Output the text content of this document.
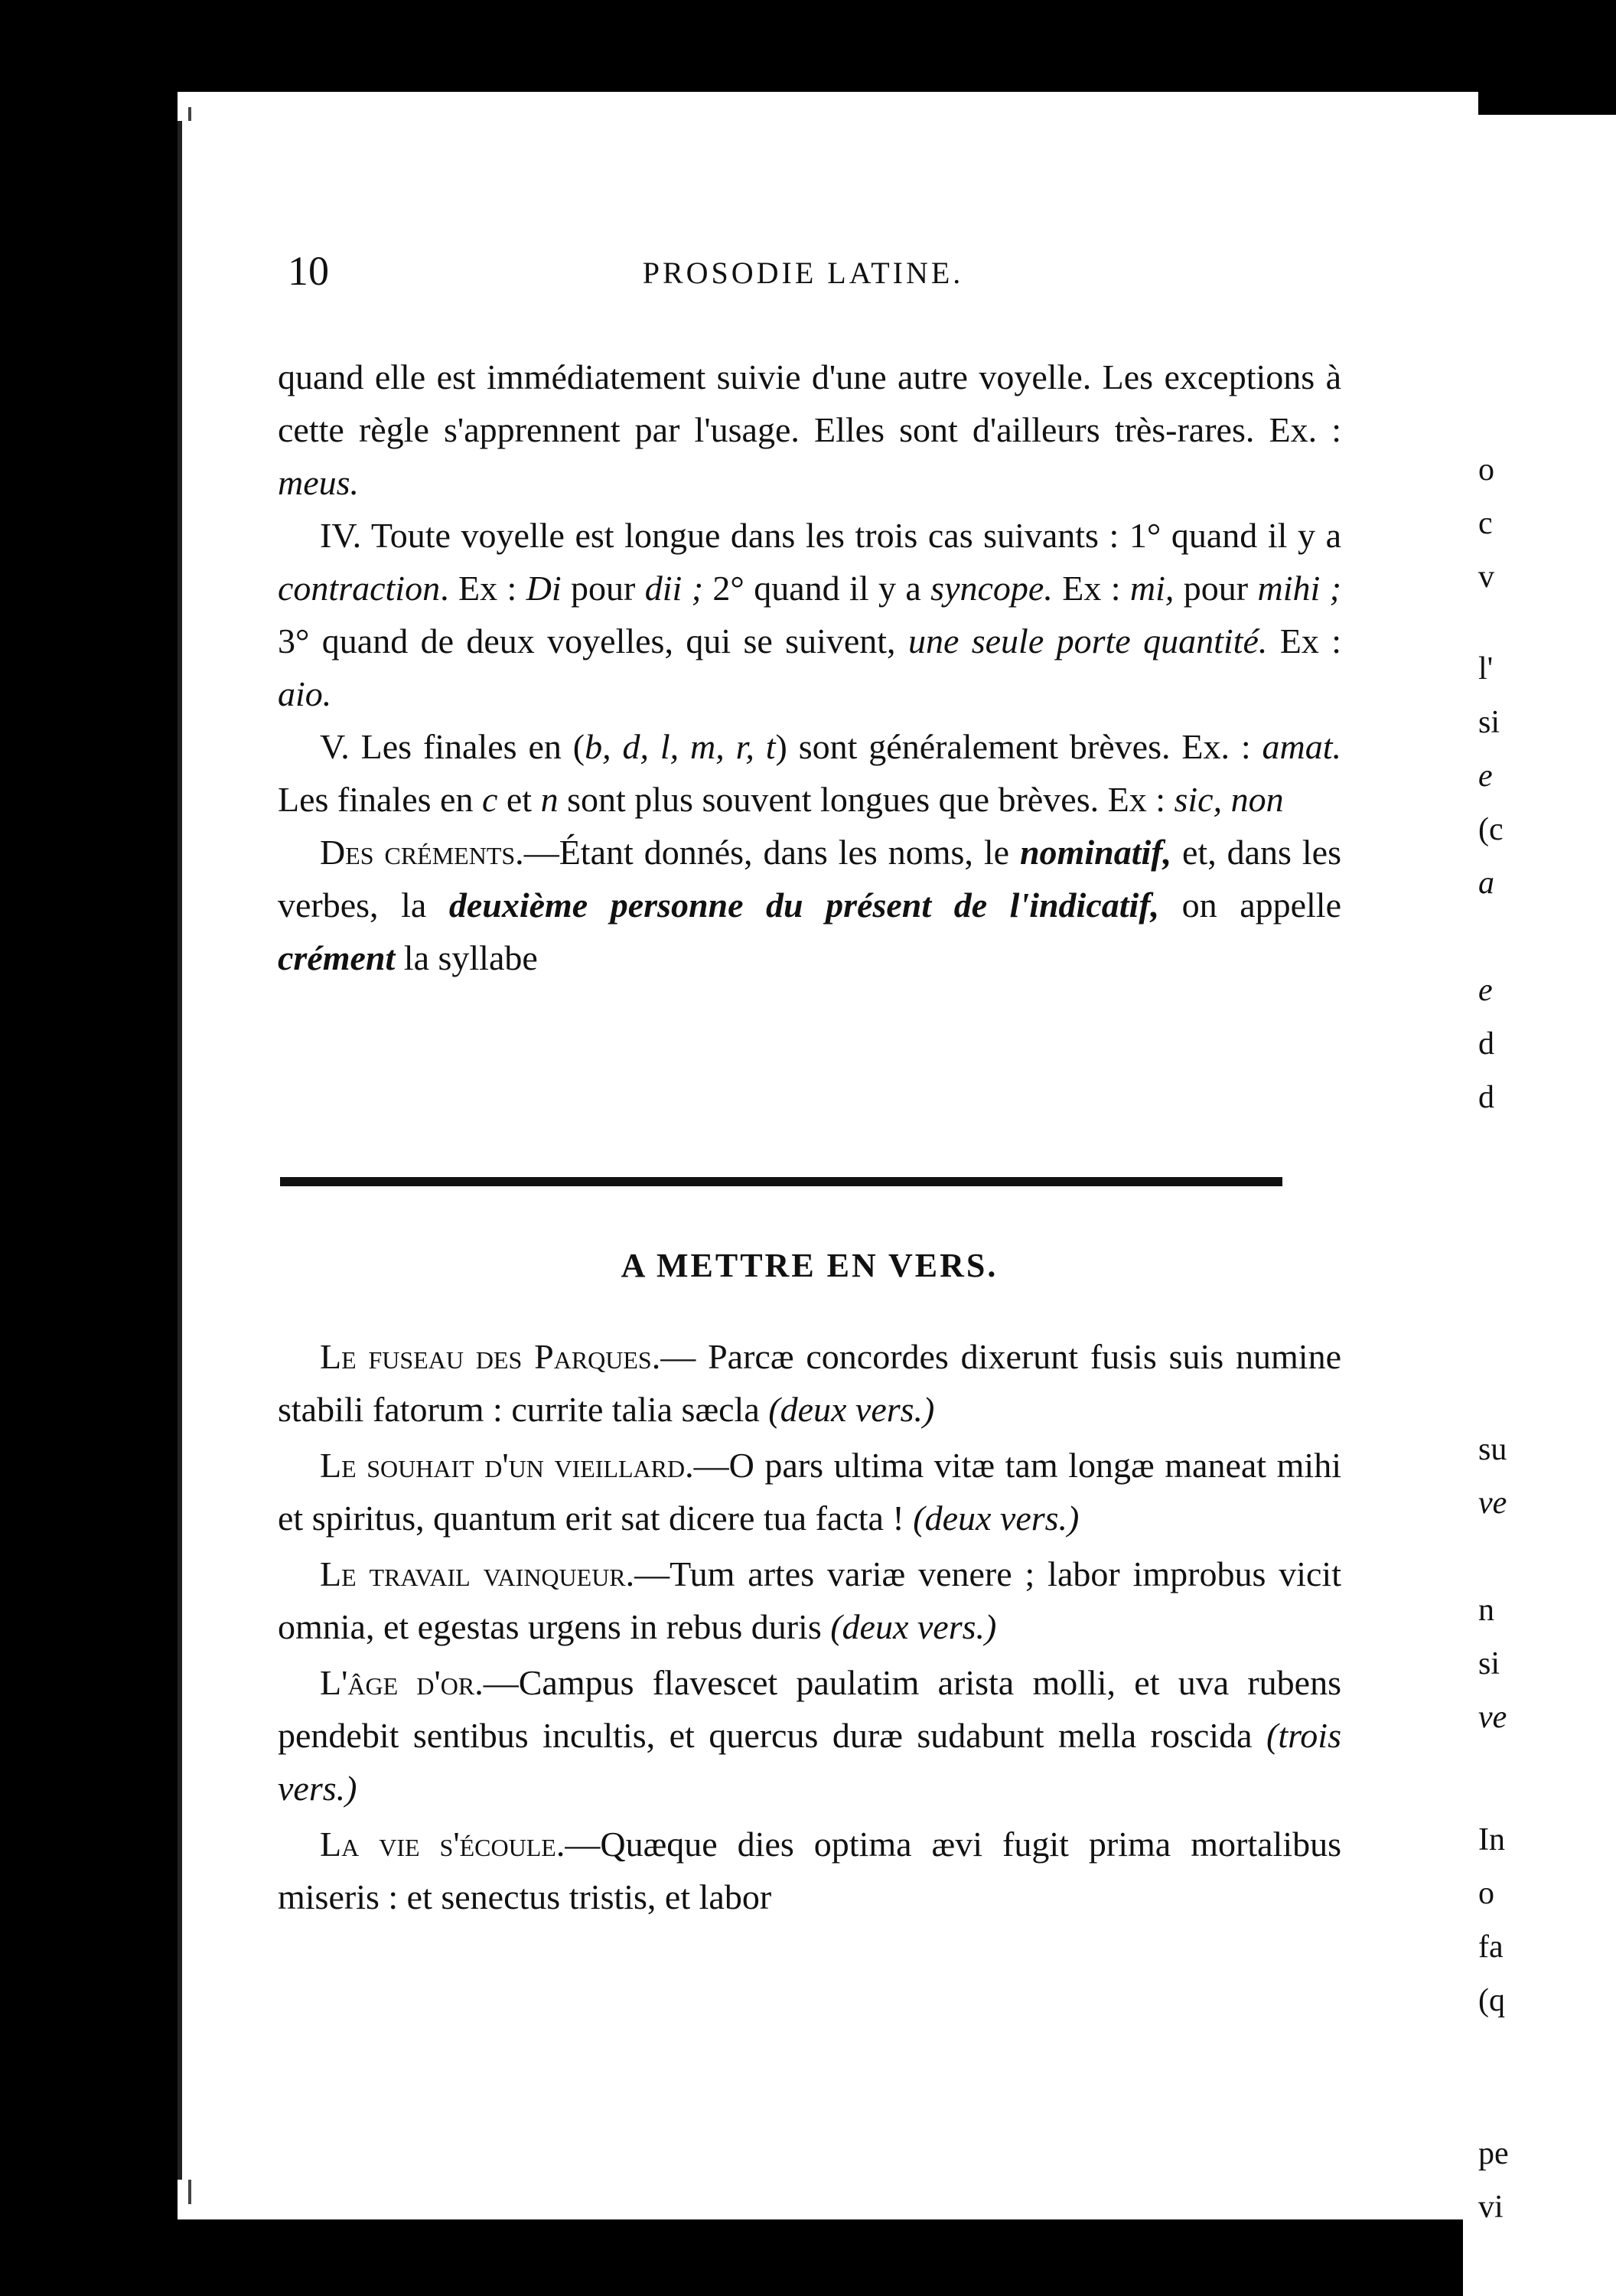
10	PROSODIE LATINE.

quand elle est immédiatement suivie d'une autre voyelle. Les exceptions à cette règle s'apprennent par l'usage. Elles sont d'ailleurs très-rares. Ex. : meus.

IV. Toute voyelle est longue dans les trois cas suivants : 1° quand il y a contraction. Ex : Di pour dii ; 2° quand il y a syncope. Ex : mi, pour mihi ; 3° quand de deux voyelles, qui se suivent, une seule porte quantité. Ex : aio.

V. Les finales en (b, d, l, m, r, t) sont généralement brèves. Ex. : amat. Les finales en c et n sont plus souvent longues que brèves. Ex : sic, non

Des créments.—Étant donnés, dans les noms, le nominatif, et, dans les verbes, la deuxième personne du présent de l'indicatif, on appelle crément la syllabe

A METTRE EN VERS.

Le fuseau des Parques.— Parcæ concordes dixerunt fusis suis numine stabili fatorum : currite talia sæcla (deux vers.)

Le souhait d'un vieillard.—O pars ultima vitæ tam longæ maneat mihi et spiritus, quantum erit sat dicere tua facta ! (deux vers.)

Le travail vainqueur.—Tum artes variæ venere ; labor improbus vicit omnia, et egestas urgens in rebus duris (deux vers.)

L'âge d'or.—Campus flavescet paulatim arista molli, et uva rubens pendebit sentibus incultis, et quercus duræ sudabunt mella roscida (trois vers.)

La vie s'écoule.—Quæque dies optima ævi fugit prima mortalibus miseris : et senectus tristis, et labor

o
c
v
l'
si
e
(c
a
e
d
d
su
ve
n
si
ve
In
o
fa
(q
pe
vi
